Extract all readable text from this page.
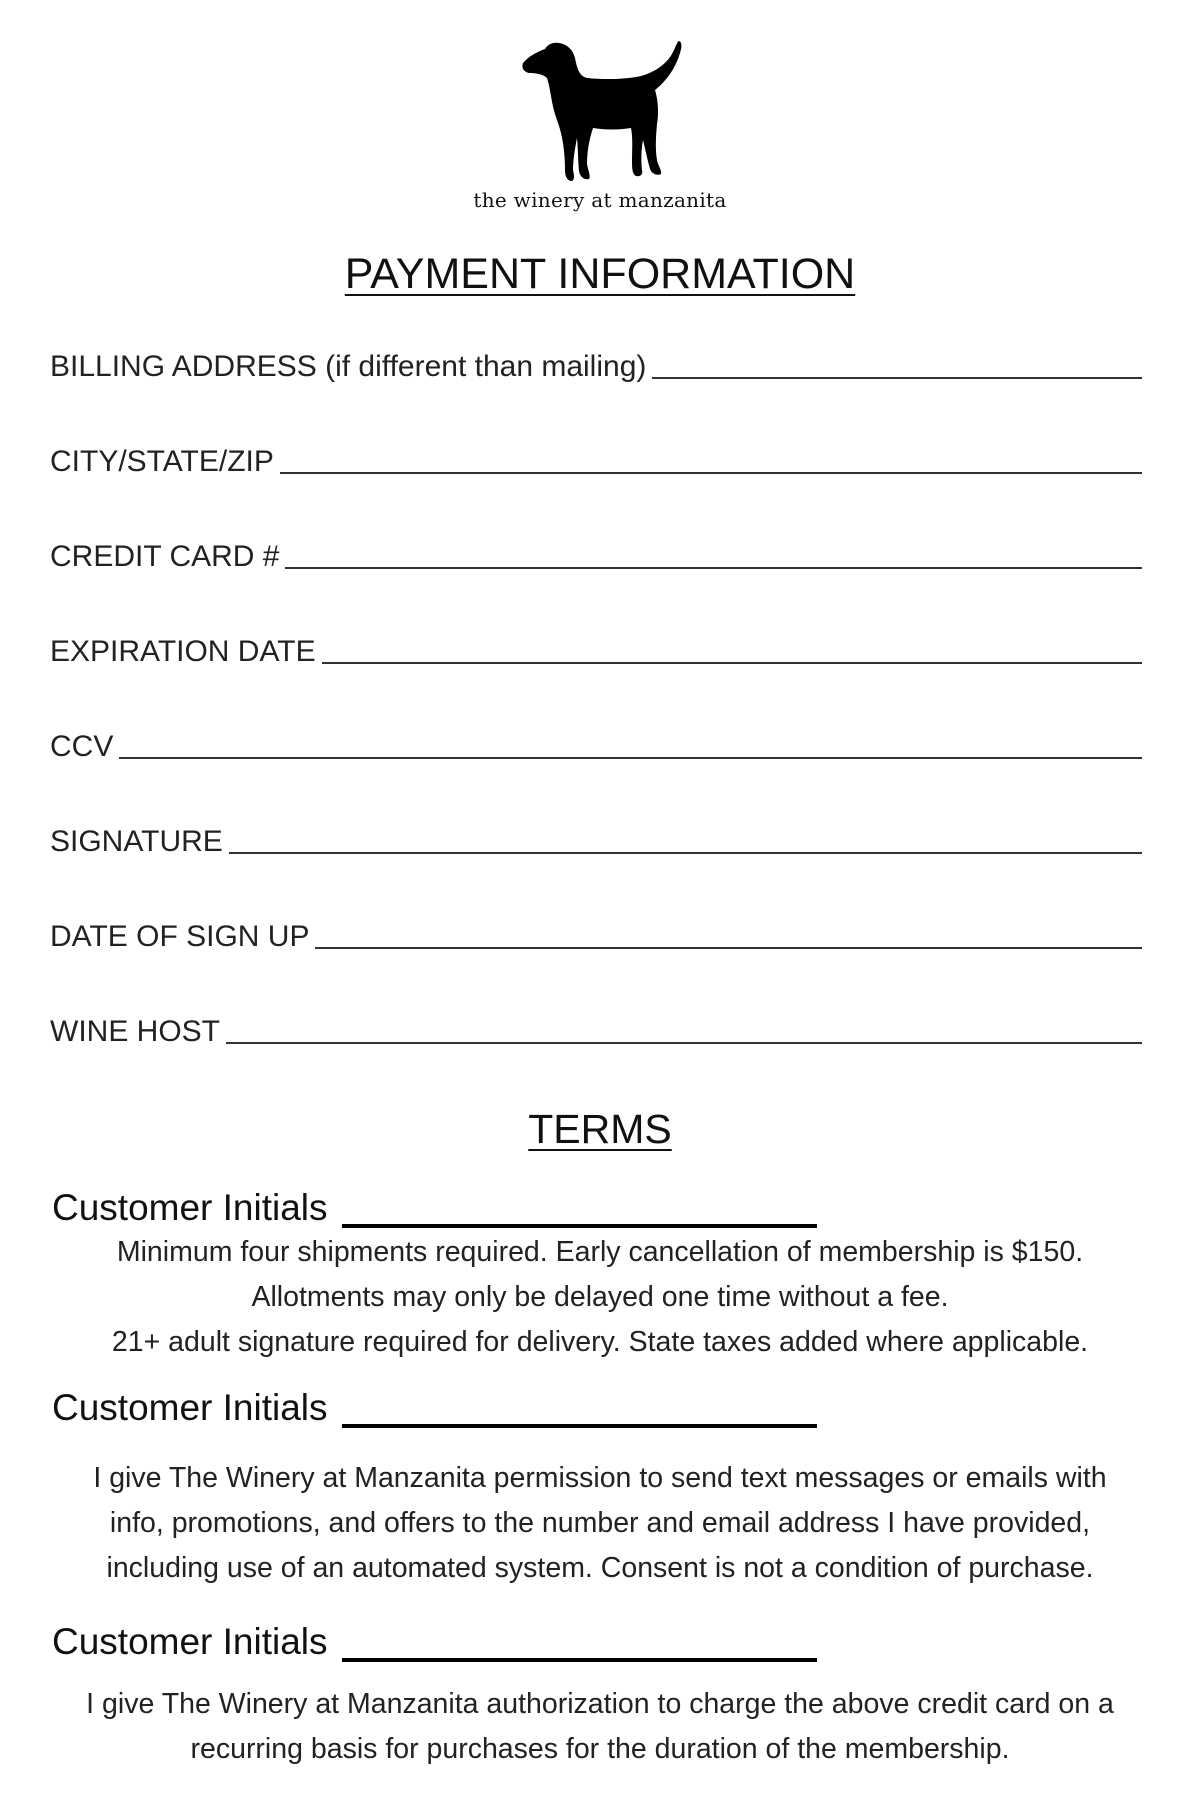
the winery at manzanita
PAYMENT INFORMATION
BILLING ADDRESS (if different than mailing)
CITY/STATE/ZIP
CREDIT CARD #
EXPIRATION DATE
CCV
SIGNATURE
DATE OF SIGN UP
WINE HOST
TERMS
Customer Initials

Minimum four shipments required. Early cancellation of membership is $150.
Allotments may only be delayed one time without a fee.
21+ adult signature required for delivery. State taxes added where applicable.

Customer Initials

I give The Winery at Manzanita permission to send text messages or emails with
info, promotions, and offers to the number and email address I have provided,
including use of an automated system. Consent is not a condition of purchase.

Customer Initials

I give The Winery at Manzanita authorization to charge the above credit card on a
recurring basis for purchases for the duration of the membership.
